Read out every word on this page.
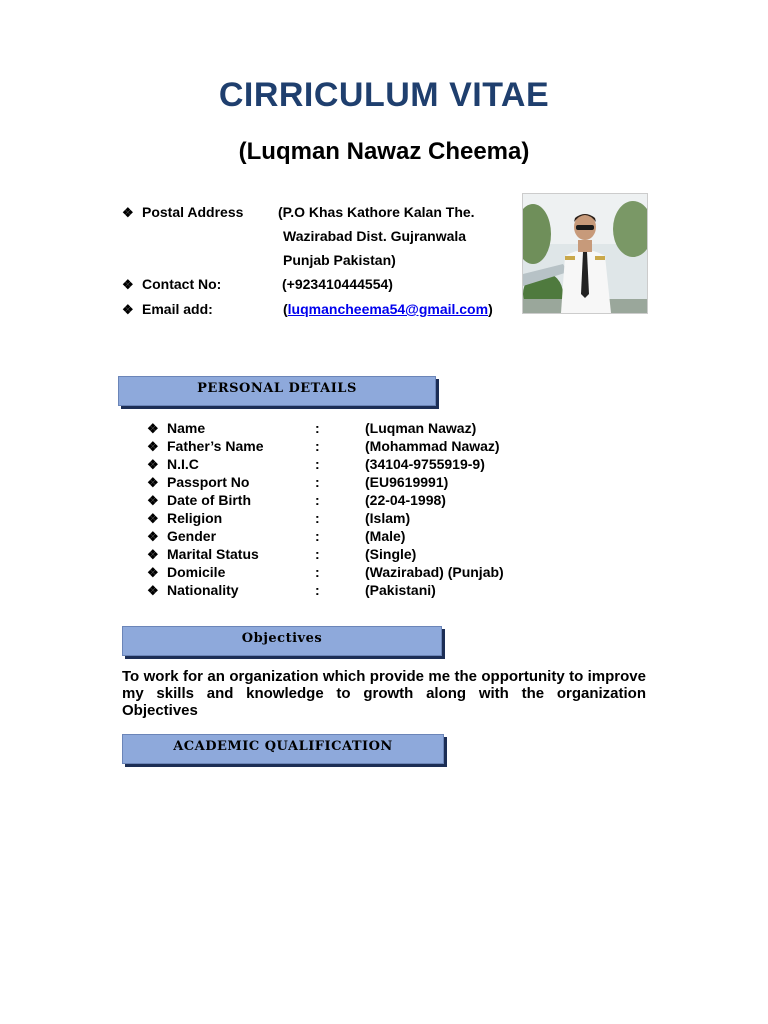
CIRRICULUM VITAE
(Luqman Nawaz Cheema)
❖ Postal Address (P.O Khas Kathore Kalan The.
Wazirabad Dist. Gujranwala
Punjab Pakistan)
❖ Contact No:	(+923410444554)
❖ Email add:	(luqmancheema54@gmail.com)
PERSONAL DETAILS
❖ Name	:	(Luqman Nawaz)
❖ Father’s Name	:	(Mohammad Nawaz)
❖ N.I.C	:	(34104-9755919-9)
❖ Passport No	:	(EU9619991)
❖ Date of Birth	:	(22-04-1998)
❖ Religion	:	(Islam)
❖ Gender	:	(Male)
❖ Marital Status	:	(Single)
❖ Domicile	:	(Wazirabad) (Punjab)
❖ Nationality	:	(Pakistani)
Objectives
To work for an organization which provide me the opportunity to improve my skills and knowledge to growth along with the organization Objectives
ACADEMIC QUALIFICATION
